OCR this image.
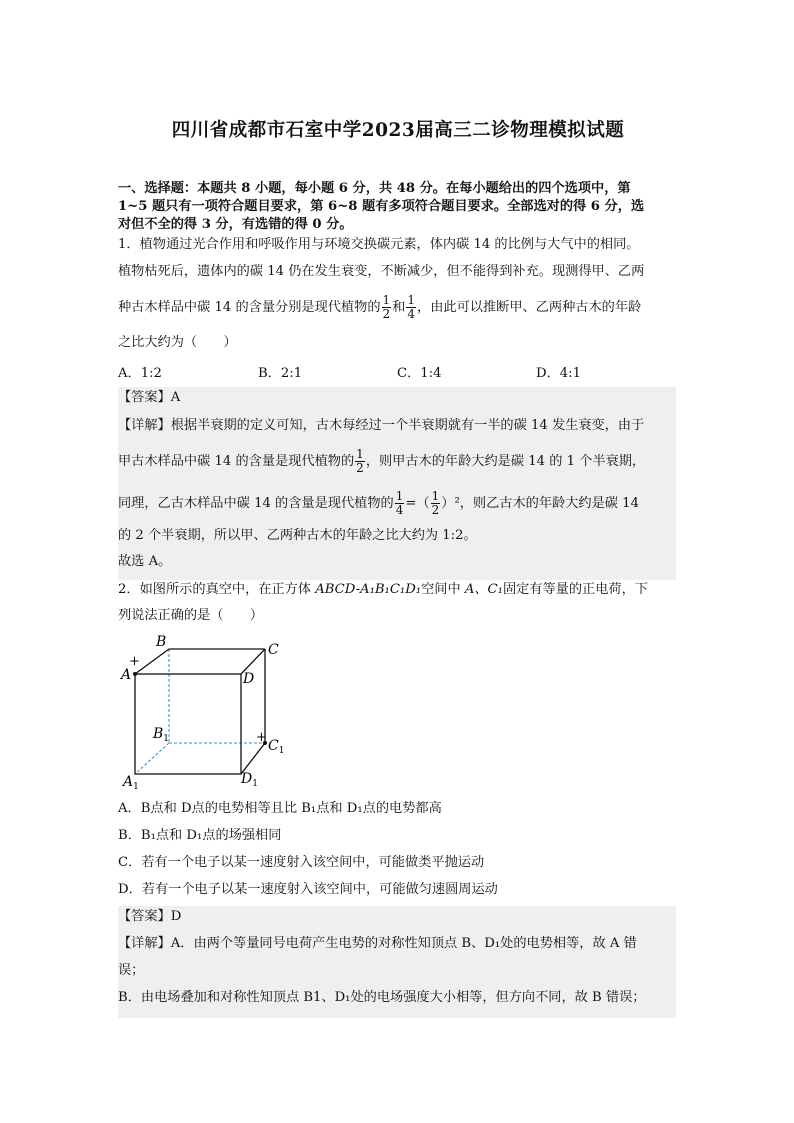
四川省成都市石室中学2023届高三二诊物理模拟试题
一、选择题：本题共 8 小题，每小题 6 分，共 48 分。在每小题给出的四个选项中，第
1~5 题只有一项符合题目要求，第 6~8 题有多项符合题目要求。全部选对的得 6 分，选
对但不全的得 3 分，有选错的得 0 分。
1．植物通过光合作用和呼吸作用与环境交换碳元素，体内碳 14 的比例与大气中的相同。
植物枯死后，遗体内的碳 14 仍在发生衰变，不断减少，但不能得到补充。现测得甲、乙两
种古木样品中碳 14 的含量分别是现代植物的 $\frac{1}{2}$ 和 $\frac{1}{4}$ ，由此可以推断甲、乙两种古木的年龄
之比大约为（　　）
A．1:2	B．2:1	C．1:4	D．4:1
【答案】A
【详解】根据半衰期的定义可知，古木每经过一个半衰期就有一半的碳 14 发生衰变，由于
甲古木样品中碳 14 的含量是现代植物的 $\frac{1}{2}$ ，则甲古木的年龄大约是碳 14 的 1 个半衰期，
同理，乙古木样品中碳 14 的含量是现代植物的 $\frac{1}{4}$ =（ $\frac{1}{2} )^2$，则乙古木的年龄大约是碳 14
的 2 个半衰期，所以甲、乙两种古木的年龄之比大约为 1:2。
故选 A。
2．如图所示的真空中，在正方体 ABCD-A₁B₁C₁D₁空间中 A、C₁固定有等量的正电荷，下
列说法正确的是（　　）
+
+
B	C
A	D
$B_1$	$C_1$
$A_1$	$D_1$
A．B点和 D点的电势相等且比 B₁点和 D₁点的电势都高
B．B₁点和 D₁点的场强相同
C．若有一个电子以某一速度射入该空间中，可能做类平抛运动
D．若有一个电子以某一速度射入该空间中，可能做匀速圆周运动
【答案】D
【详解】A．由两个等量同号电荷产生电势的对称性知顶点 B、D₁处的电势相等，故 A 错
误；
B．由电场叠加和对称性知顶点 B1、D₁处的电场强度大小相等，但方向不同，故 B 错误；
